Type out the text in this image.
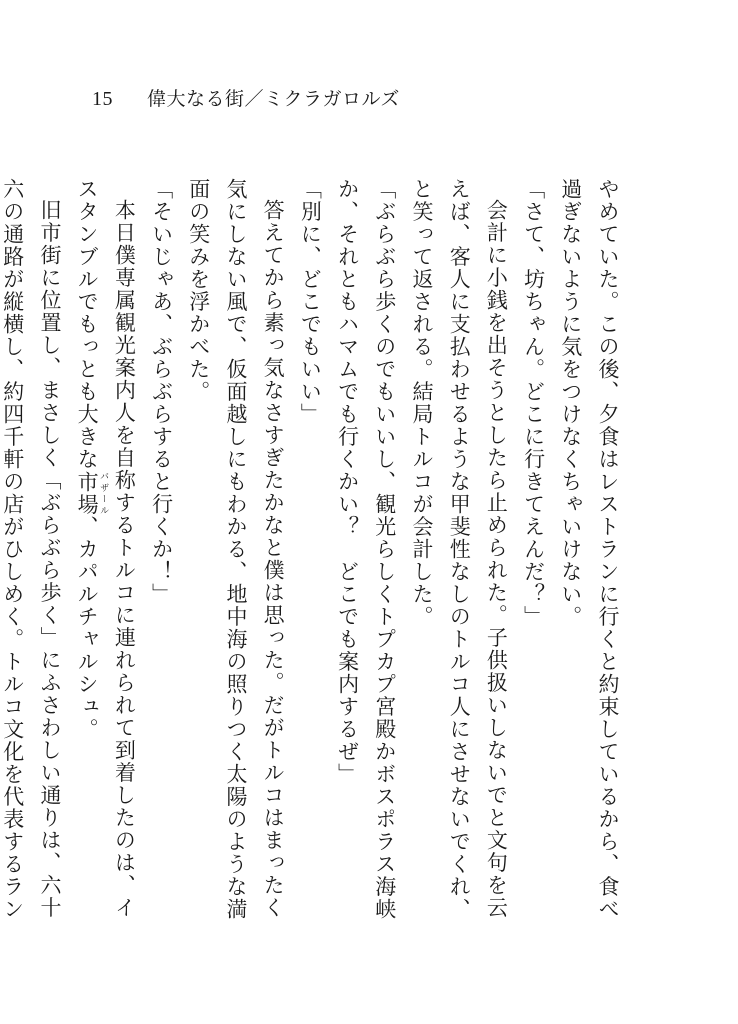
15 偉大なる街／ミクラガロルズ

やめていた。この後、夕食はレストランに行くと約束しているから、食べ過ぎないように気をつけなくちゃいけない。

「さて、坊ちゃん。どこに行きてえんだ？」

会計に小銭を出そうとしたら止められた。子供扱いしないでと文句を云えば、客人に支払わせるような甲斐性なしのトルコ人にさせないでくれ、と笑って返される。結局トルコが会計した。

「ぶらぶら歩くのでもいいし、観光らしくトプカプ宮殿かボスポラス海峡か、それともハマムでも行くかい？　どこでも案内するぜ」

「別に、どこでもいい」

答えてから素っ気なさすぎたかなと僕は思った。だがトルコはまったく気にしない風で、仮面越しにもわかる、地中海の照りつく太陽のような満面の笑みを浮かべた。

「そいじゃあ、ぶらぶらすると行くか！」

本日僕専属観光案内人を自称するトルコに連れられて到着したのは、イスタンブルでもっとも大きな市場 バザール、カパルチャルシュ。

旧市街に位置し、まさしく「ぶらぶら歩く」にふさわしい通りは、六十六の通路が縦横し、約四千軒の店がひしめく。トルコ文化を代表するラン
